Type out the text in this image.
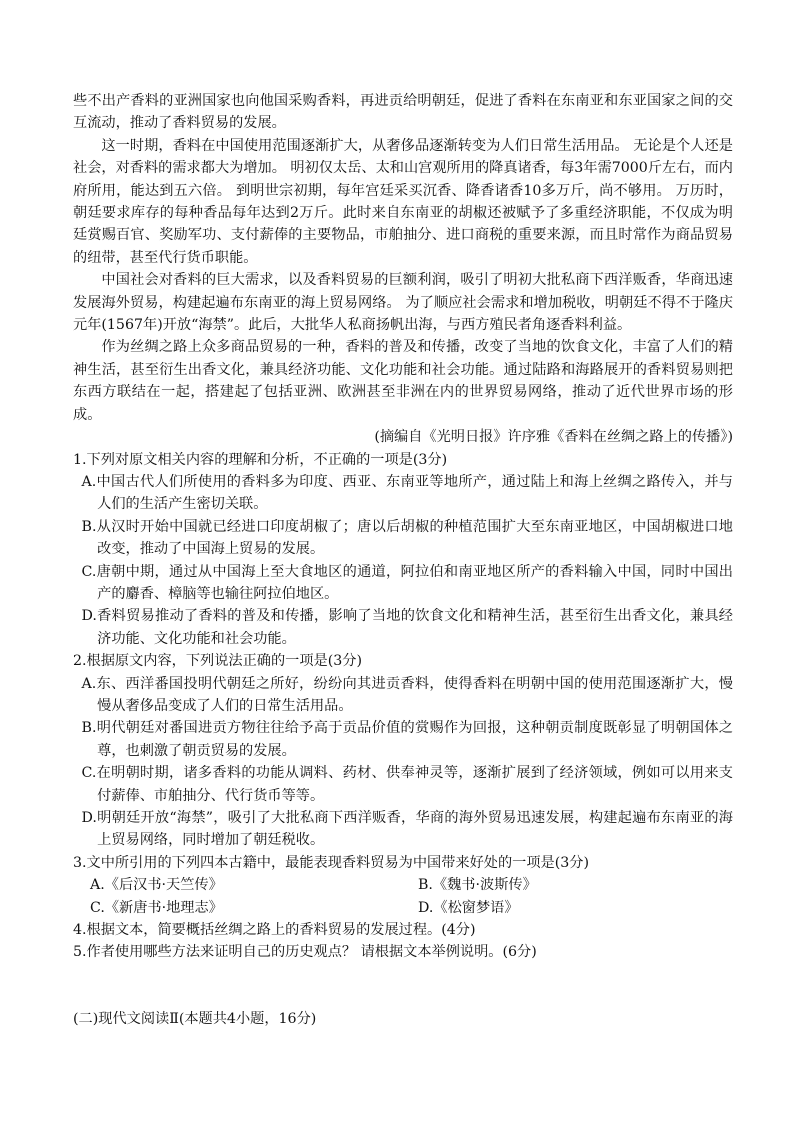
些不出产香料的亚洲国家也向他国采购香料，再进贡给明朝廷，促进了香料在东南亚和东亚国家之间的交互流动，推动了香料贸易的发展。

这一时期，香料在中国使用范围逐渐扩大，从奢侈品逐渐转变为人们日常生活用品。 无论是个人还是社会，对香料的需求都大为增加。 明初仅太岳、太和山宫观所用的降真诸香，每3年需7000斤左右，而内府所用，能达到五六倍。 到明世宗初期，每年宫廷采买沉香、降香诸香10多万斤，尚不够用。 万历时，朝廷要求库存的每种香品每年达到2万斤。此时来自东南亚的胡椒还被赋予了多重经济职能，不仅成为明廷赏赐百官、奖励军功、支付薪俸的主要物品，市舶抽分、进口商税的重要来源，而且时常作为商品贸易的纽带，甚至代行货币职能。

中国社会对香料的巨大需求，以及香料贸易的巨额利润，吸引了明初大批私商下西洋贩香，华商迅速发展海外贸易，构建起遍布东南亚的海上贸易网络。 为了顺应社会需求和增加税收，明朝廷不得不于隆庆元年(1567年)开放“海禁”。此后，大批华人私商扬帆出海，与西方殖民者角逐香料利益。

作为丝绸之路上众多商品贸易的一种，香料的普及和传播，改变了当地的饮食文化，丰富了人们的精神生活，甚至衍生出香文化，兼具经济功能、文化功能和社会功能。通过陆路和海路展开的香料贸易则把东西方联结在一起，搭建起了包括亚洲、欧洲甚至非洲在内的世界贸易网络，推动了近代世界市场的形成。

(摘编自《光明日报》许序雅《香料在丝绸之路上的传播》)

1.下列对原文相关内容的理解和分析，不正确的一项是(3分)

A.中国古代人们所使用的香料多为印度、西亚、东南亚等地所产，通过陆上和海上丝绸之路传入，并与人们的生活产生密切关联。

B.从汉时开始中国就已经进口印度胡椒了；唐以后胡椒的种植范围扩大至东南亚地区，中国胡椒进口地改变，推动了中国海上贸易的发展。

C.唐朝中期，通过从中国海上至大食地区的通道，阿拉伯和南亚地区所产的香料输入中国，同时中国出产的麝香、樟脑等也输往阿拉伯地区。

D.香料贸易推动了香料的普及和传播，影响了当地的饮食文化和精神生活，甚至衍生出香文化，兼具经济功能、文化功能和社会功能。

2.根据原文内容，下列说法正确的一项是(3分)

A.东、西洋番国投明代朝廷之所好，纷纷向其进贡香料，使得香料在明朝中国的使用范围逐渐扩大，慢慢从奢侈品变成了人们的日常生活用品。

B.明代朝廷对番国进贡方物往往给予高于贡品价值的赏赐作为回报，这种朝贡制度既彰显了明朝国体之尊，也刺激了朝贡贸易的发展。

C.在明朝时期，诸多香料的功能从调料、药材、供奉神灵等，逐渐扩展到了经济领域，例如可以用来支付薪俸、市舶抽分、代行货币等等。

D.明朝廷开放“海禁”，吸引了大批私商下西洋贩香，华商的海外贸易迅速发展，构建起遍布东南亚的海上贸易网络，同时增加了朝廷税收。

3.文中所引用的下列四本古籍中，最能表现香料贸易为中国带来好处的一项是(3分)

A.《后汉书·天竺传》	B.《魏书·波斯传》
C.《新唐书·地理志》	D.《松窗梦语》

4.根据文本，简要概括丝绸之路上的香料贸易的发展过程。(4分)

5.作者使用哪些方法来证明自己的历史观点？ 请根据文本举例说明。(6分)

(二)现代文阅读Ⅱ(本题共4小题，16分)
